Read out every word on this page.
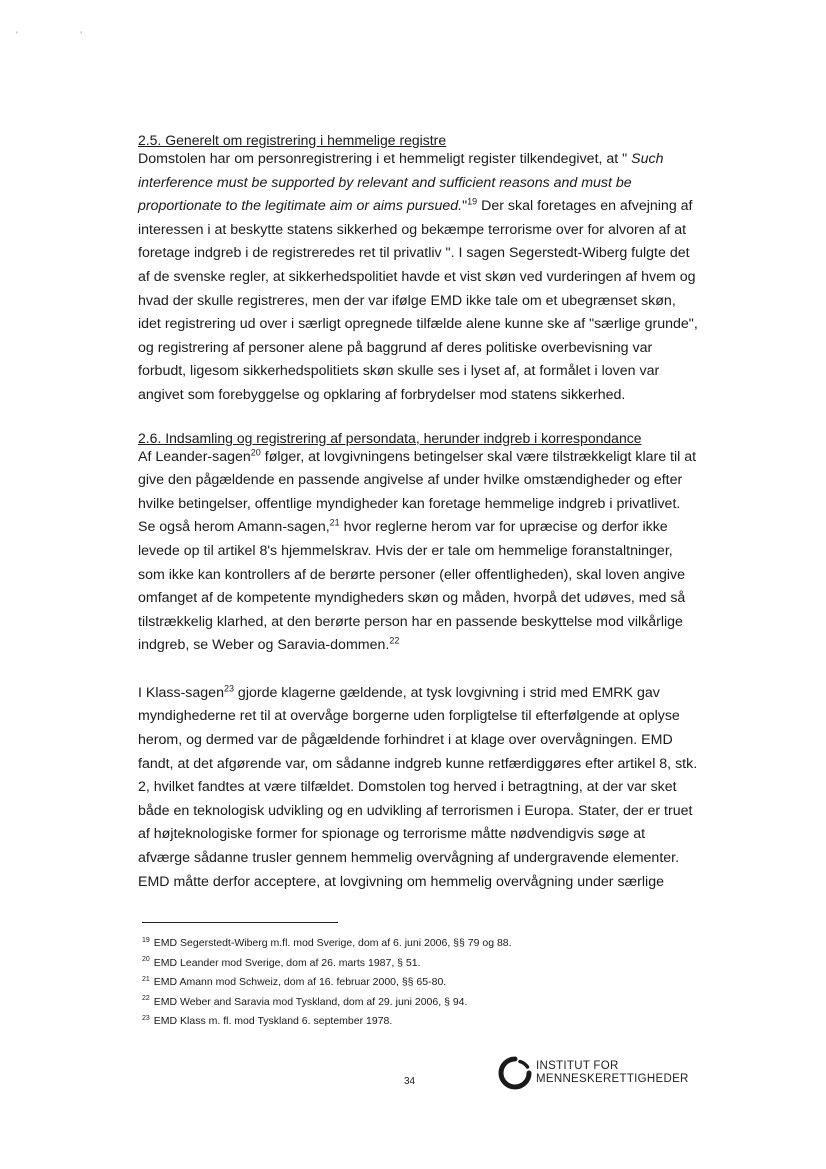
'	'

2.5. Generelt om registrering i hemmelige registre

Domstolen har om personregistrering i et hemmeligt register tilkendegivet, at " Such interference must be supported by relevant and sufficient reasons and must be proportionate to the legitimate aim or aims pursued."$^{19}$ Der skal foretages en afvejning af interessen i at beskytte statens sikkerhed og bekæmpe terrorisme over for alvoren af at foretage indgreb i de registreredes ret til privatliv ". I sagen Segerstedt-Wiberg fulgte det af de svenske regler, at sikkerhedspolitiet havde et vist skøn ved vurderingen af hvem og hvad der skulle registreres, men der var ifølge EMD ikke tale om et ubegrænset skøn, idet registrering ud over i særligt opregnede tilfælde alene kunne ske af "særlige grunde", og registrering af personer alene på baggrund af deres politiske overbevisning var forbudt, ligesom sikkerhedspolitiets skøn skulle ses i lyset af, at formålet i loven var angivet som forebyggelse og opklaring af forbrydelser mod statens sikkerhed.

2.6. Indsamling og registrering af persondata, herunder indgreb i korrespondance

Af Leander-sagen$^{20}$ følger, at lovgivningens betingelser skal være tilstrækkeligt klare til at give den pågældende en passende angivelse af under hvilke omstændigheder og efter hvilke betingelser, offentlige myndigheder kan foretage hemmelige indgreb i privatlivet. Se også herom Amann-sagen,$^{21}$ hvor reglerne herom var for upræcise og derfor ikke levede op til artikel 8's hjemmelskrav. Hvis der er tale om hemmelige foranstaltninger, som ikke kan kontrollers af de berørte personer (eller offentligheden), skal loven angive omfanget af de kompetente myndigheders skøn og måden, hvorpå det udøves, med så tilstrækkelig klarhed, at den berørte person har en passende beskyttelse mod vilkårlige indgreb, se Weber og Saravia-dommen.$^{22}$

I Klass-sagen$^{23}$ gjorde klagerne gældende, at tysk lovgivning i strid med EMRK gav myndighederne ret til at overvåge borgerne uden forpligtelse til efterfølgende at oplyse herom, og dermed var de pågældende forhindret i at klage over overvågningen. EMD fandt, at det afgørende var, om sådanne indgreb kunne retfærdiggøres efter artikel 8, stk. 2, hvilket fandtes at være tilfældet. Domstolen tog herved i betragtning, at der var sket både en teknologisk udvikling og en udvikling af terrorismen i Europa. Stater, der er truet af højteknologiske former for spionage og terrorisme måtte nødvendigvis søge at afværge sådanne trusler gennem hemmelig overvågning af undergravende elementer. EMD måtte derfor acceptere, at lovgivning om hemmelig overvågning under særlige

$^{19}$ EMD Segerstedt-Wiberg m.fl. mod Sverige, dom af 6. juni 2006, §§ 79 og 88.

$^{20}$ EMD Leander mod Sverige, dom af 26. marts 1987, § 51.

$^{21}$ EMD Amann mod Schweiz, dom af 16. februar 2000, §§ 65-80.

$^{22}$ EMD Weber and Saravia mod Tyskland, dom af 29. juni 2006, § 94.

$^{23}$ EMD Klass m. fl. mod Tyskland 6. september 1978.

34
INSTITUT FOR
MENNESKERETTIGHEDER
